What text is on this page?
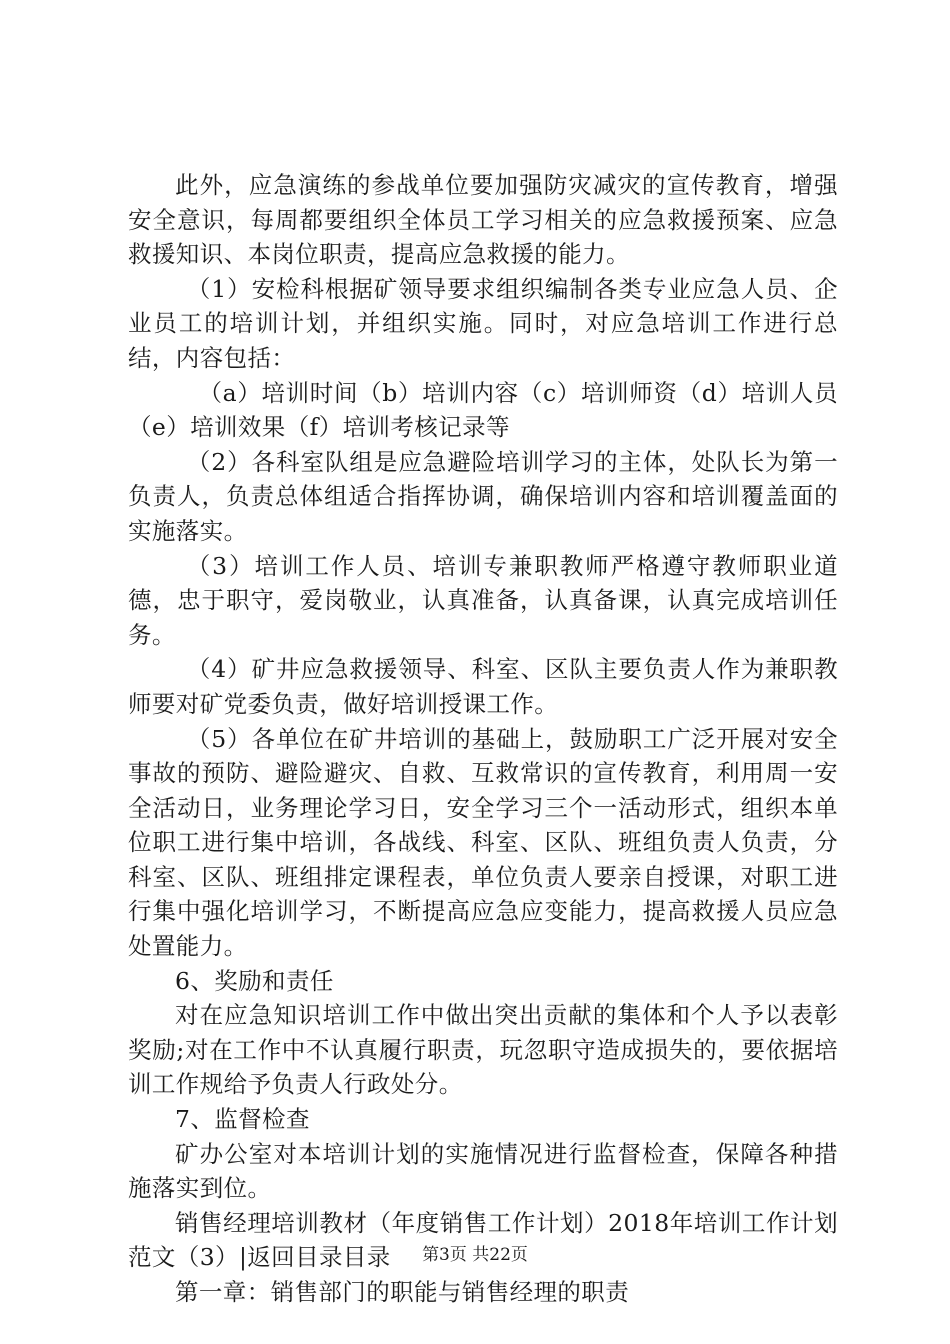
此外，应急演练的参战单位要加强防灾减灾的宣传教育，增强安全意识，每周都要组织全体员工学习相关的应急救援预案、应急救援知识、本岗位职责，提高应急救援的能力。

（1）安检科根据矿领导要求组织编制各类专业应急人员、企业员工的培训计划，并组织实施。同时，对应急培训工作进行总结，内容包括：

（a）培训时间（b）培训内容（c）培训师资（d）培训人员（e）培训效果（f）培训考核记录等

（2）各科室队组是应急避险培训学习的主体，处队长为第一负责人，负责总体组适合指挥协调，确保培训内容和培训覆盖面的实施落实。

（3）培训工作人员、培训专兼职教师严格遵守教师职业道德，忠于职守，爱岗敬业，认真准备，认真备课，认真完成培训任务。

（4）矿井应急救援领导、科室、区队主要负责人作为兼职教师要对矿党委负责，做好培训授课工作。

（5）各单位在矿井培训的基础上，鼓励职工广泛开展对安全事故的预防、避险避灾、自救、互救常识的宣传教育，利用周一安全活动日，业务理论学习日，安全学习三个一活动形式，组织本单位职工进行集中培训，各战线、科室、区队、班组负责人负责，分科室、区队、班组排定课程表，单位负责人要亲自授课，对职工进行集中强化培训学习，不断提高应急应变能力，提高救援人员应急处置能力。

6、奖励和责任

对在应急知识培训工作中做出突出贡献的集体和个人予以表彰奖励;对在工作中不认真履行职责，玩忽职守造成损失的，要依据培训工作规给予负责人行政处分。

7、监督检查

矿办公室对本培训计划的实施情况进行监督检查，保障各种措施落实到位。

销售经理培训教材（年度销售工作计划）2018年培训工作计划范文（3）|返回目录目录

第一章：销售部门的职能与销售经理的职责

第3页 共22页
